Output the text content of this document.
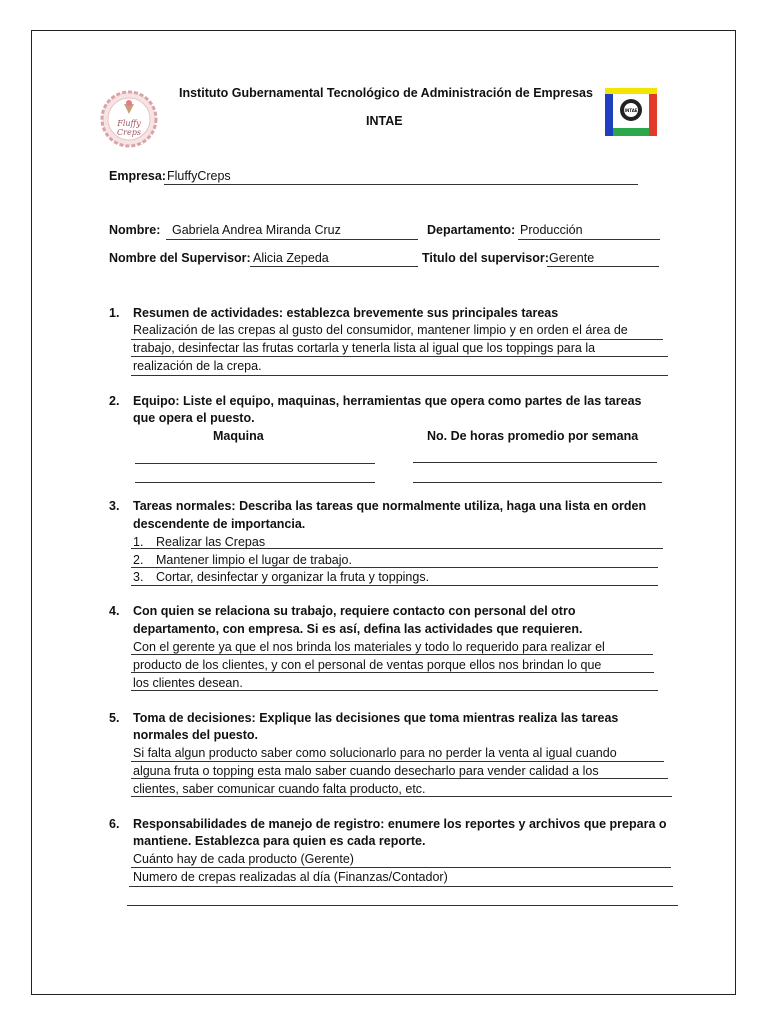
Fluffy
Creps
INTAE
Instituto Gubernamental Tecnológico de Administración de Empresas
INTAE
Empresa: FluffyCreps
Nombre: Gabriela Andrea Miranda Cruz	Departamento: Producción
Nombre del Supervisor: Alicia Zepeda	Titulo del supervisor: Gerente
1. Resumen de actividades: establezca brevemente sus principales tareas
Realización de las crepas al gusto del consumidor, mantener limpio y en orden el área de
trabajo, desinfectar las frutas cortarla y tenerla lista al igual que los toppings para la
realización de la crepa.
2. Equipo: Liste el equipo, maquinas, herramientas que opera como partes de las tareas
que opera el puesto.
Maquina	No. De horas promedio por semana
3. Tareas normales: Describa las tareas que normalmente utiliza, haga una lista en orden
descendente de importancia.
1. Realizar las Crepas
2. Mantener limpio el lugar de trabajo.
3. Cortar, desinfectar y organizar la fruta y toppings.
4. Con quien se relaciona su trabajo, requiere contacto con personal del otro
departamento, con empresa. Si es así, defina las actividades que requieren.
Con el gerente ya que el nos brinda los materiales y todo lo requerido para realizar el
producto de los clientes, y con el personal de ventas porque ellos nos brindan lo que
los clientes desean.
5. Toma de decisiones: Explique las decisiones que toma mientras realiza las tareas
normales del puesto.
Si falta algun producto saber como solucionarlo para no perder la venta al igual cuando
alguna fruta o topping esta malo saber cuando desecharlo para vender calidad a los
clientes, saber comunicar cuando falta producto, etc.
6. Responsabilidades de manejo de registro: enumere los reportes y archivos que prepara o
mantiene. Establezca para quien es cada reporte.
Cuánto hay de cada producto (Gerente)
Numero de crepas realizadas al día (Finanzas/Contador)
